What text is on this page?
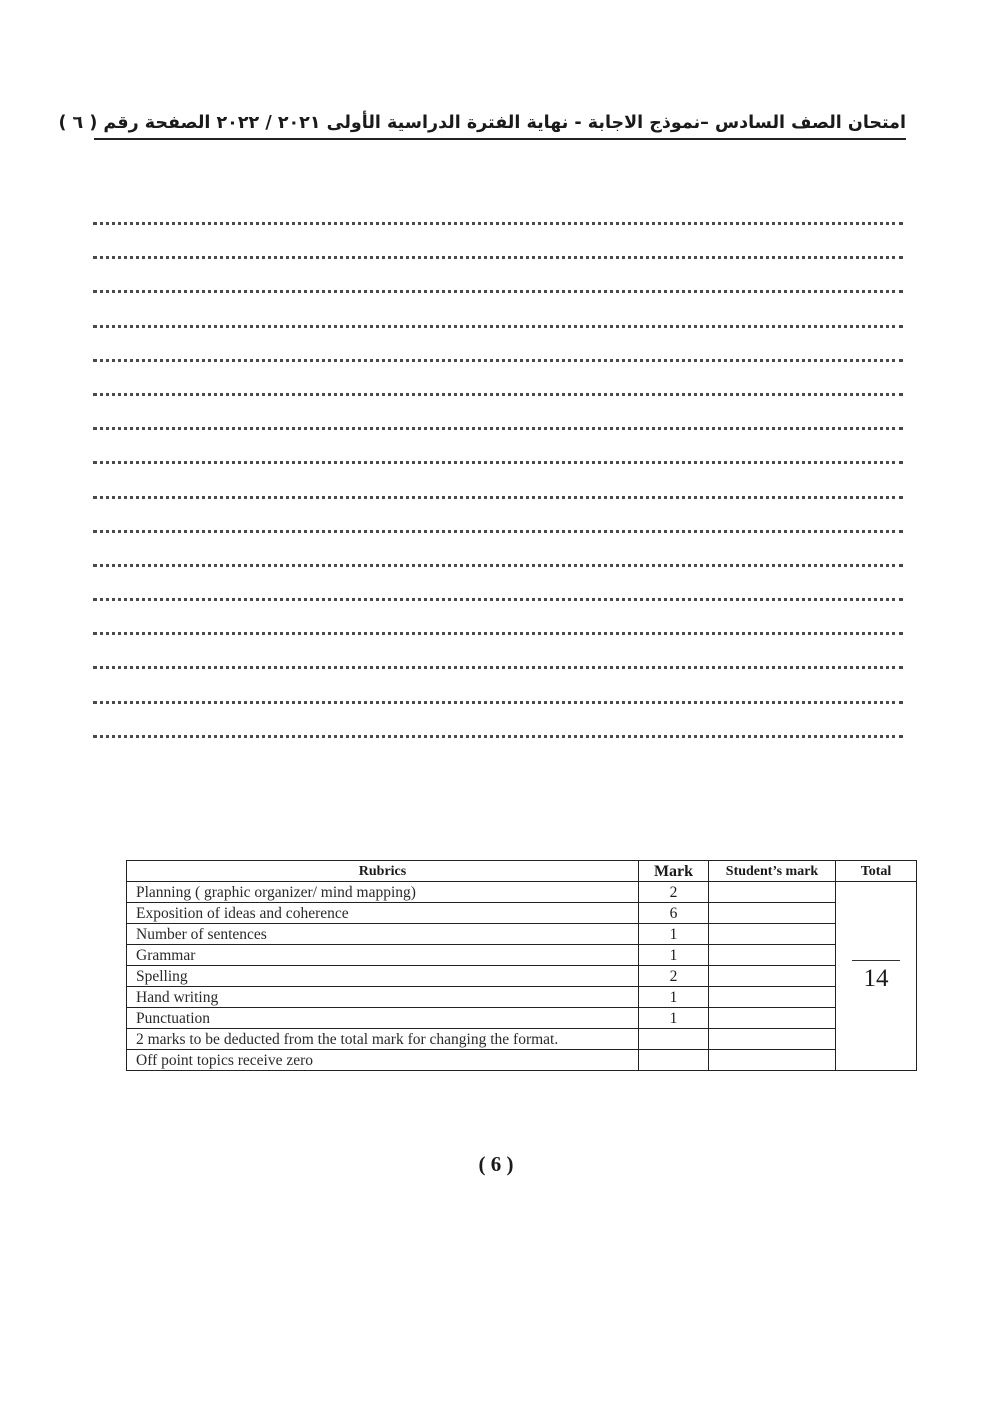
امتحان الصف السادس –نموذج الاجابة - نهاية الفترة الدراسية الأولى ٢٠٢١ / ٢٠٢٢ الصفحة رقم ( ٦ )
Rubrics	Mark	Student’s mark	Total
Planning ( graphic organizer/ mind mapping)	2		14

Exposition of ideas and coherence	6		
Number of sentences	1		
Grammar	1		
Spelling	2		
Hand writing	1		
Punctuation	1		
2 marks to be deducted from the total mark for changing the format.			
Off point topics receive zero			
( 6 )
